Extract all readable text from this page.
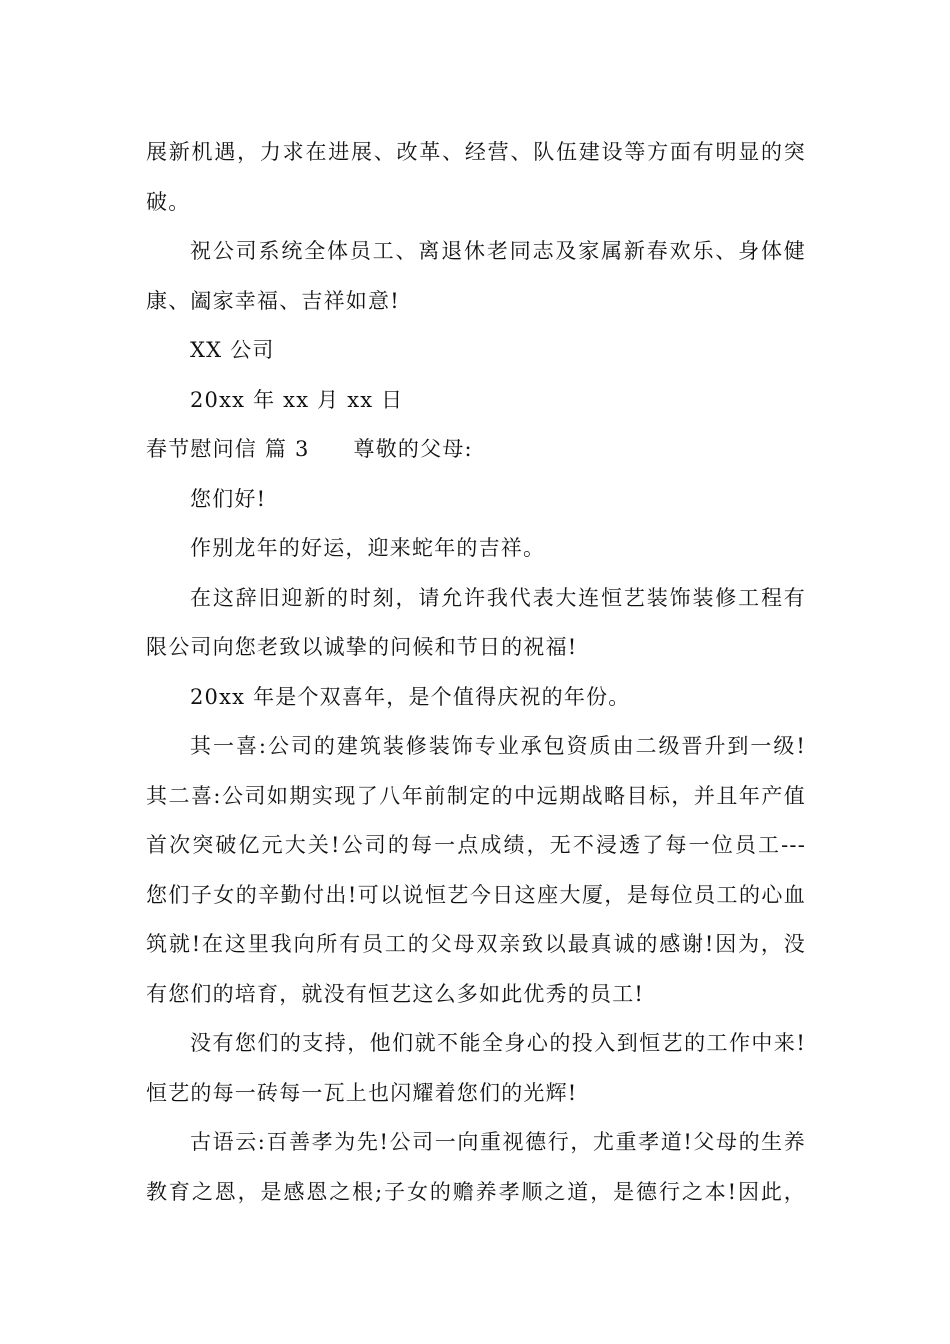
展新机遇，力求在进展、改革、经营、队伍建设等方面有明显的突
破。
祝公司系统全体员工、离退休老同志及家属新春欢乐、身体健
康、阖家幸福、吉祥如意!
XX 公司
20xx 年 xx 月 xx 日
春节慰问信 篇 3 尊敬的父母:
您们好!
作别龙年的好运，迎来蛇年的吉祥。
在这辞旧迎新的时刻，请允许我代表大连恒艺装饰装修工程有
限公司向您老致以诚挚的问候和节日的祝福!
20xx 年是个双喜年，是个值得庆祝的年份。
其一喜:公司的建筑装修装饰专业承包资质由二级晋升到一级!
其二喜:公司如期实现了八年前制定的中远期战略目标，并且年产值
首次突破亿元大关!公司的每一点成绩，无不浸透了每一位员工---
您们子女的辛勤付出!可以说恒艺今日这座大厦，是每位员工的心血
筑就!在这里我向所有员工的父母双亲致以最真诚的感谢!因为，没
有您们的培育，就没有恒艺这么多如此优秀的员工!
没有您们的支持，他们就不能全身心的投入到恒艺的工作中来!
恒艺的每一砖每一瓦上也闪耀着您们的光辉!
古语云:百善孝为先!公司一向重视德行，尤重孝道!父母的生养
教育之恩，是感恩之根;子女的赡养孝顺之道，是德行之本!因此，
